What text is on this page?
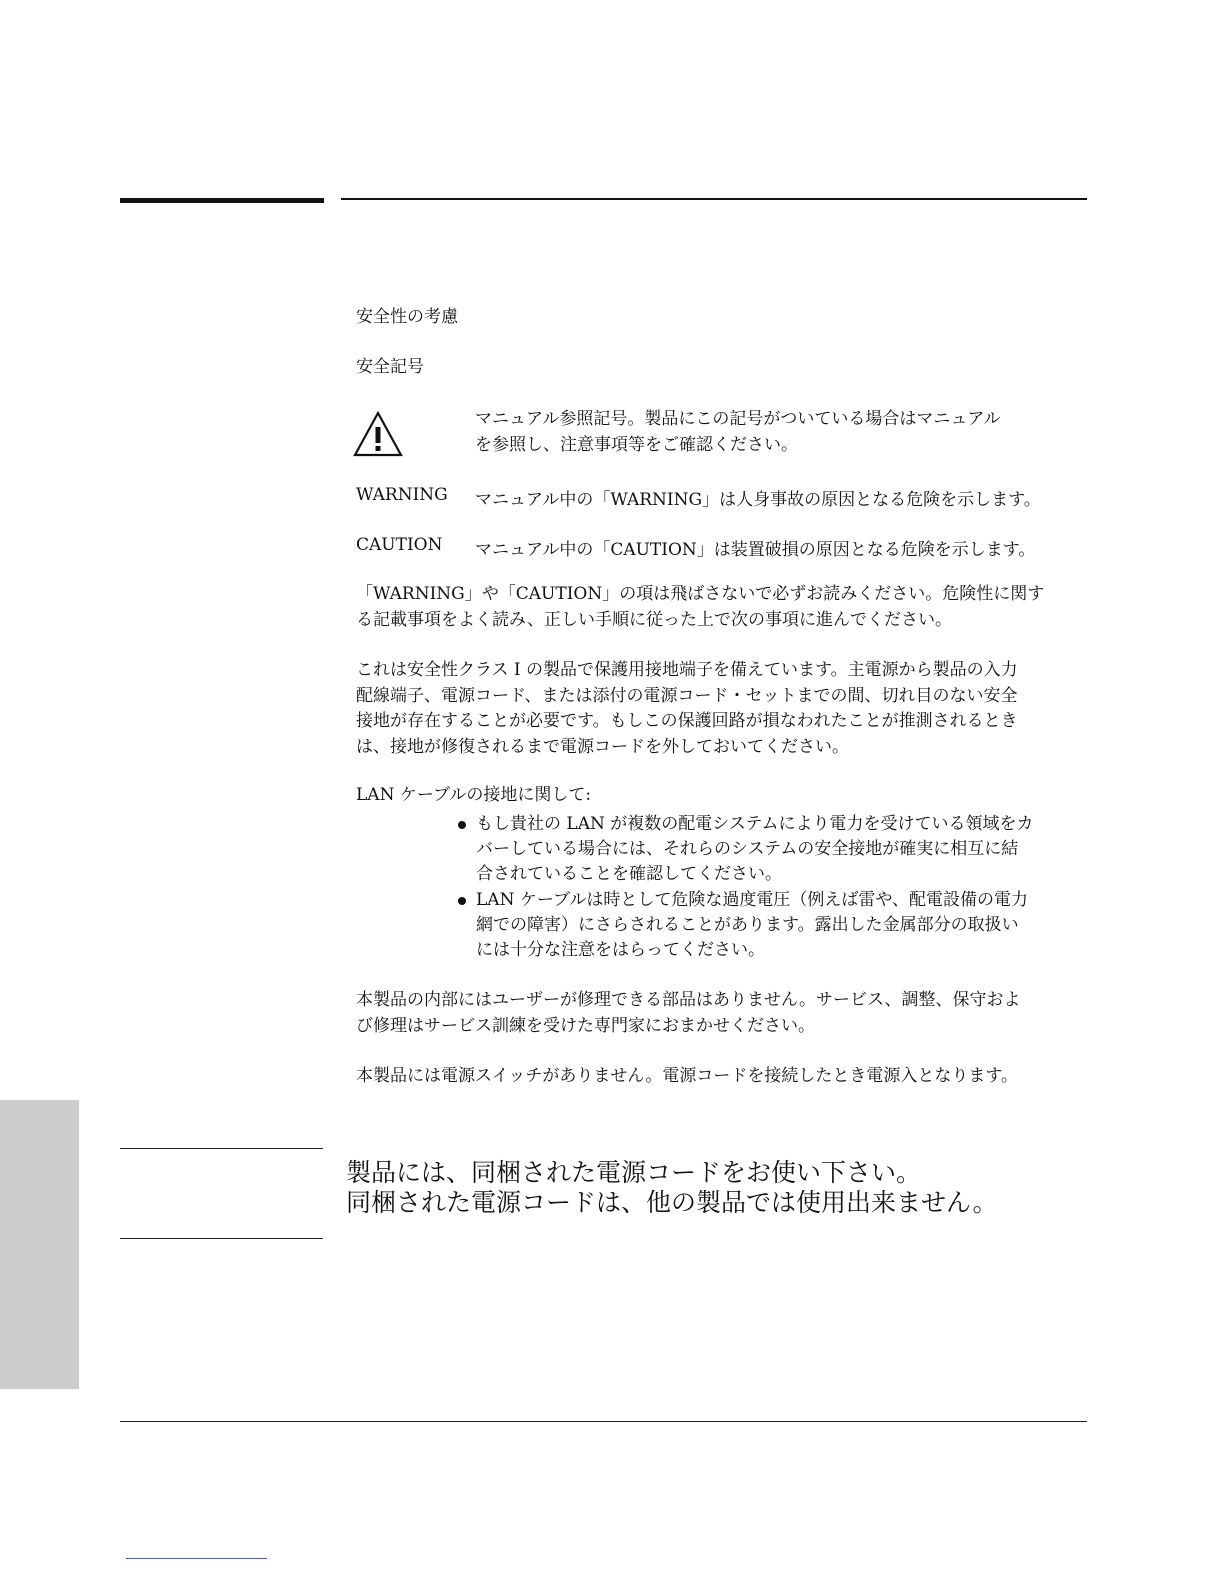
安全性の考慮
安全記号
マニュアル参照記号。製品にこの記号がついている場合はマニュアル
を参照し、注意事項等をご確認ください。
WARNING マニュアル中の「WARNING」は人身事故の原因となる危険を示します。
CAUTION マニュアル中の「CAUTION」は装置破損の原因となる危険を示します。
「WARNING」や「CAUTION」の項は飛ばさないで必ずお読みください。危険性に関す
る記載事項をよく読み、正しい手順に従った上で次の事項に進んでください。
これは安全性クラス I の製品で保護用接地端子を備えています。主電源から製品の入力
配線端子、電源コード、または添付の電源コード・セットまでの間、切れ目のない安全
接地が存在することが必要です。もしこの保護回路が損なわれたことが推測されるとき
は、接地が修復されるまで電源コードを外しておいてください。
LAN ケーブルの接地に関して:
もし貴社の LAN が複数の配電システムにより電力を受けている領域をカ
バーしている場合には、それらのシステムの安全接地が確実に相互に結
合されていることを確認してください。
LAN ケーブルは時として危険な過度電圧（例えば雷や、配電設備の電力
網での障害）にさらされることがあります。露出した金属部分の取扱い
には十分な注意をはらってください。
本製品の内部にはユーザーが修理できる部品はありません。サービス、調整、保守およ
び修理はサービス訓練を受けた専門家におまかせください。
本製品には電源スイッチがありません。電源コードを接続したとき電源入となります。
製品には、同梱された電源コードをお使い下さい。
同梱された電源コードは、他の製品では使用出来ません。
